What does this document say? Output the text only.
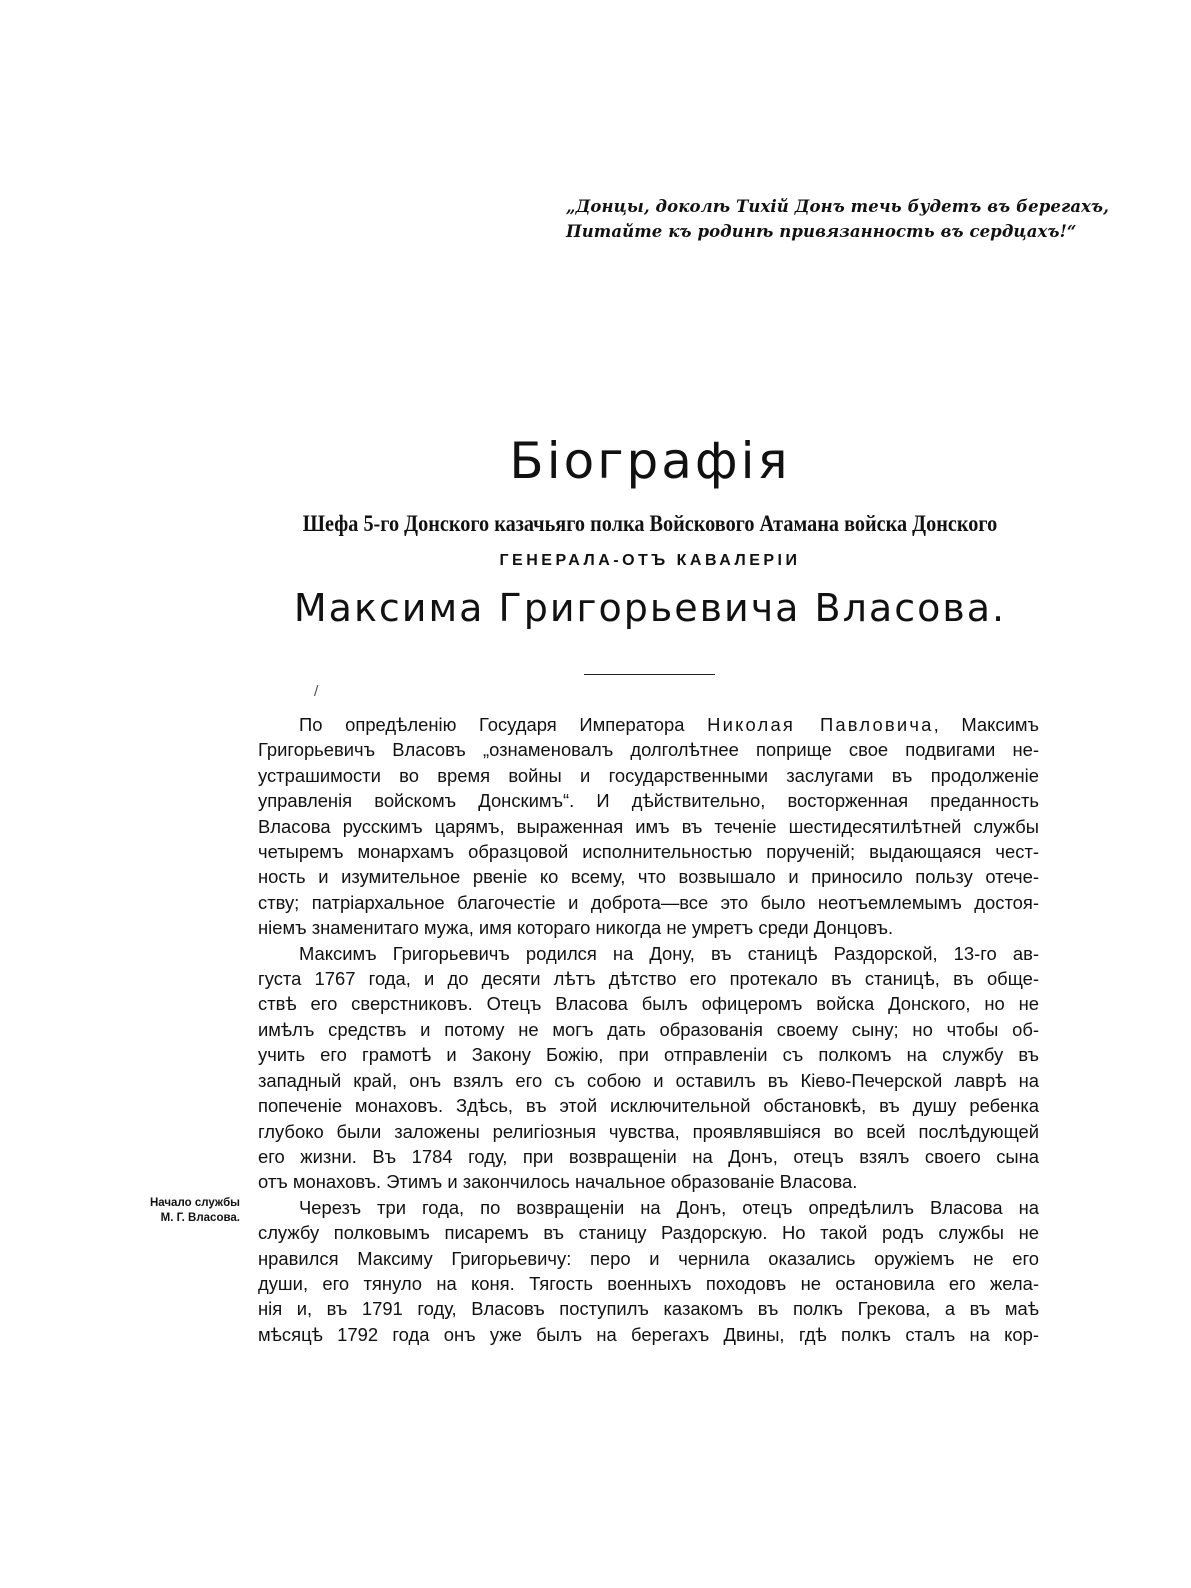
„Донцы, доколѣ Тихій Донъ течь будетъ въ берегахъ,
Питайте къ родинѣ привязанность въ сердцахъ!“
Біографія
Шефа 5-го Донского казачьяго полка Войскового Атамана войска Донского
ГЕНЕРАЛА-ОТЪ КАВАЛЕРІИ
Максима Григорьевича Власова.
/
Начало службы
М. Г. Власова.
По опредѣленію Государя Императора Николая Павловича, Максимъ
Григорьевичъ Власовъ „ознаменовалъ долголѣтнее поприще свое подвигами не-
устрашимости во время войны и государственными заслугами въ продолженіе
управленія войскомъ Донскимъ“. И дѣйствительно, восторженная преданность
Власова русскимъ царямъ, выраженная имъ въ теченіе шестидесятилѣтней службы
четыремъ монархамъ образцовой исполнительностью порученій; выдающаяся чест-
ность и изумительное рвеніе ко всему, что возвышало и приносило пользу отече-
ству; патріархальное благочестіе и доброта—все это было неотъемлемымъ достоя-
ніемъ знаменитаго мужа, имя котораго никогда не умретъ среди Донцовъ.
Максимъ Григорьевичъ родился на Дону, въ станицѣ Раздорской, 13-го ав-
густа 1767 года, и до десяти лѣтъ дѣтство его протекало въ станицѣ, въ обще-
ствѣ его сверстниковъ. Отецъ Власова былъ офицеромъ войска Донского, но не
имѣлъ средствъ и потому не могъ дать образованія своему сыну; но чтобы об-
учить его грамотѣ и Закону Божію, при отправленіи съ полкомъ на службу въ
западный край, онъ взялъ его съ собою и оставилъ въ Кіево-Печерской лаврѣ на
попеченіе монаховъ. Здѣсь, въ этой исключительной обстановкѣ, въ душу ребенка
глубоко были заложены религіозныя чувства, проявлявшіяся во всей послѣдующей
его жизни. Въ 1784 году, при возвращеніи на Донъ, отецъ взялъ своего сына
отъ монаховъ. Этимъ и закончилось начальное образованіе Власова.
Черезъ три года, по возвращеніи на Донъ, отецъ опредѣлилъ Власова на
службу полковымъ писаремъ въ станицу Раздорскую. Но такой родъ службы не
нравился Максиму Григорьевичу: перо и чернила оказались оружіемъ не его
души, его тянуло на коня. Тягость военныхъ походовъ не остановила его жела-
нія и, въ 1791 году, Власовъ поступилъ казакомъ въ полкъ Грекова, а въ маѣ
мѣсяцѣ 1792 года онъ уже былъ на берегахъ Двины, гдѣ полкъ сталъ на кор-
